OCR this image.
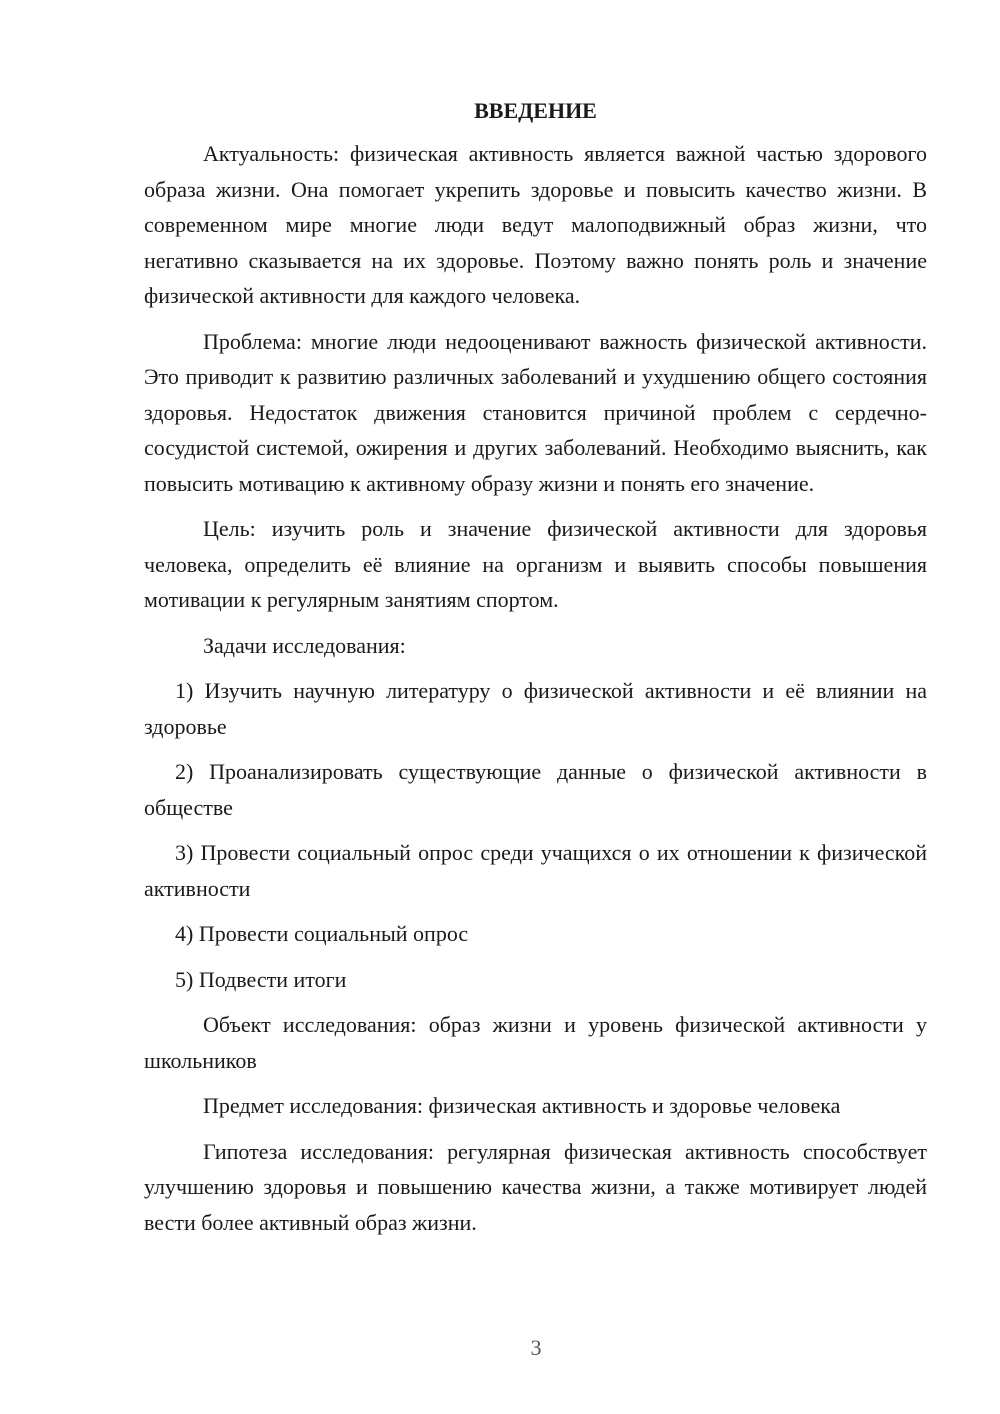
ВВЕДЕНИЕ

Актуальность: физическая активность является важной частью здорового образа жизни. Она помогает укрепить здоровье и повысить качество жизни. В современном мире многие люди ведут малоподвижный образ жизни, что негативно сказывается на их здоровье. Поэтому важно понять роль и значение физической активности для каждого человека.

Проблема: многие люди недооценивают важность физической активности. Это приводит к развитию различных заболеваний и ухудшению общего состояния здоровья. Недостаток движения становится причиной проблем с сердечно-сосудистой системой, ожирения и других заболеваний. Необходимо выяснить, как повысить мотивацию к активному образу жизни и понять его значение.

Цель: изучить роль и значение физической активности для здоровья человека, определить её влияние на организм и выявить способы повышения мотивации к регулярным занятиям спортом.

Задачи исследования:

1) Изучить научную литературу о физической активности и её влиянии на здоровье

2) Проанализировать существующие данные о физической активности в обществе

3) Провести социальный опрос среди учащихся о их отношении к физической активности

4) Провести социальный опрос

5) Подвести итоги

Объект исследования: образ жизни и уровень физической активности у школьников

Предмет исследования: физическая активность и здоровье человека

Гипотеза исследования: регулярная физическая активность способствует улучшению здоровья и повышению качества жизни, а также мотивирует людей вести более активный образ жизни.

3
